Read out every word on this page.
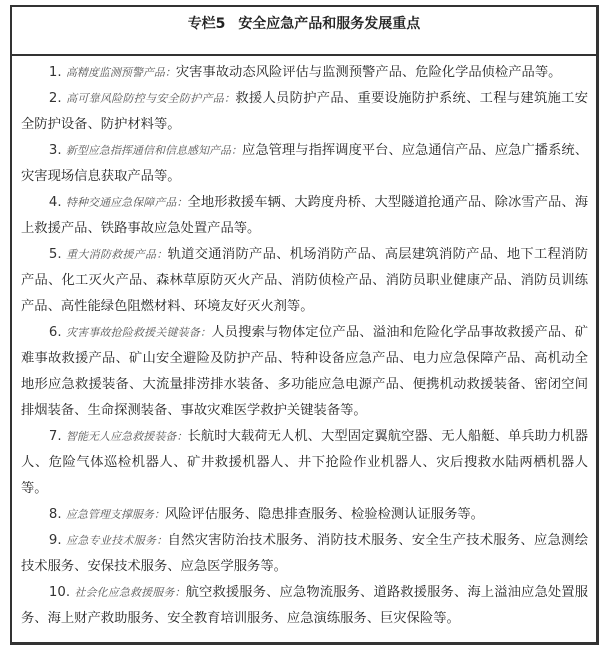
专栏5 安全应急产品和服务发展重点

1. 高精度监测预警产品：灾害事故动态风险评估与监测预警产品、危险化学品侦检产品等。

2. 高可靠风险防控与安全防护产品：救援人员防护产品、重要设施防护系统、工程与建筑施工安全防护设备、防护材料等。

3. 新型应急指挥通信和信息感知产品：应急管理与指挥调度平台、应急通信产品、应急广播系统、灾害现场信息获取产品等。

4. 特种交通应急保障产品：全地形救援车辆、大跨度舟桥、大型隧道抢通产品、除冰雪产品、海上救援产品、铁路事故应急处置产品等。

5. 重大消防救援产品：轨道交通消防产品、机场消防产品、高层建筑消防产品、地下工程消防产品、化工灭火产品、森林草原防灭火产品、消防侦检产品、消防员职业健康产品、消防员训练产品、高性能绿色阻燃材料、环境友好灭火剂等。

6. 灾害事故抢险救援关键装备：人员搜索与物体定位产品、溢油和危险化学品事故救援产品、矿难事故救援产品、矿山安全避险及防护产品、特种设备应急产品、电力应急保障产品、高机动全地形应急救援装备、大流量排涝排水装备、多功能应急电源产品、便携机动救援装备、密闭空间排烟装备、生命探测装备、事故灾难医学救护关键装备等。

7. 智能无人应急救援装备：长航时大载荷无人机、大型固定翼航空器、无人船艇、单兵助力机器人、危险气体巡检机器人、矿井救援机器人、井下抢险作业机器人、灾后搜救水陆两栖机器人等。

8. 应急管理支撑服务：风险评估服务、隐患排查服务、检验检测认证服务等。

9. 应急专业技术服务：自然灾害防治技术服务、消防技术服务、安全生产技术服务、应急测绘技术服务、安保技术服务、应急医学服务等。

10. 社会化应急救援服务：航空救援服务、应急物流服务、道路救援服务、海上溢油应急处置服务、海上财产救助服务、安全教育培训服务、应急演练服务、巨灾保险等。
